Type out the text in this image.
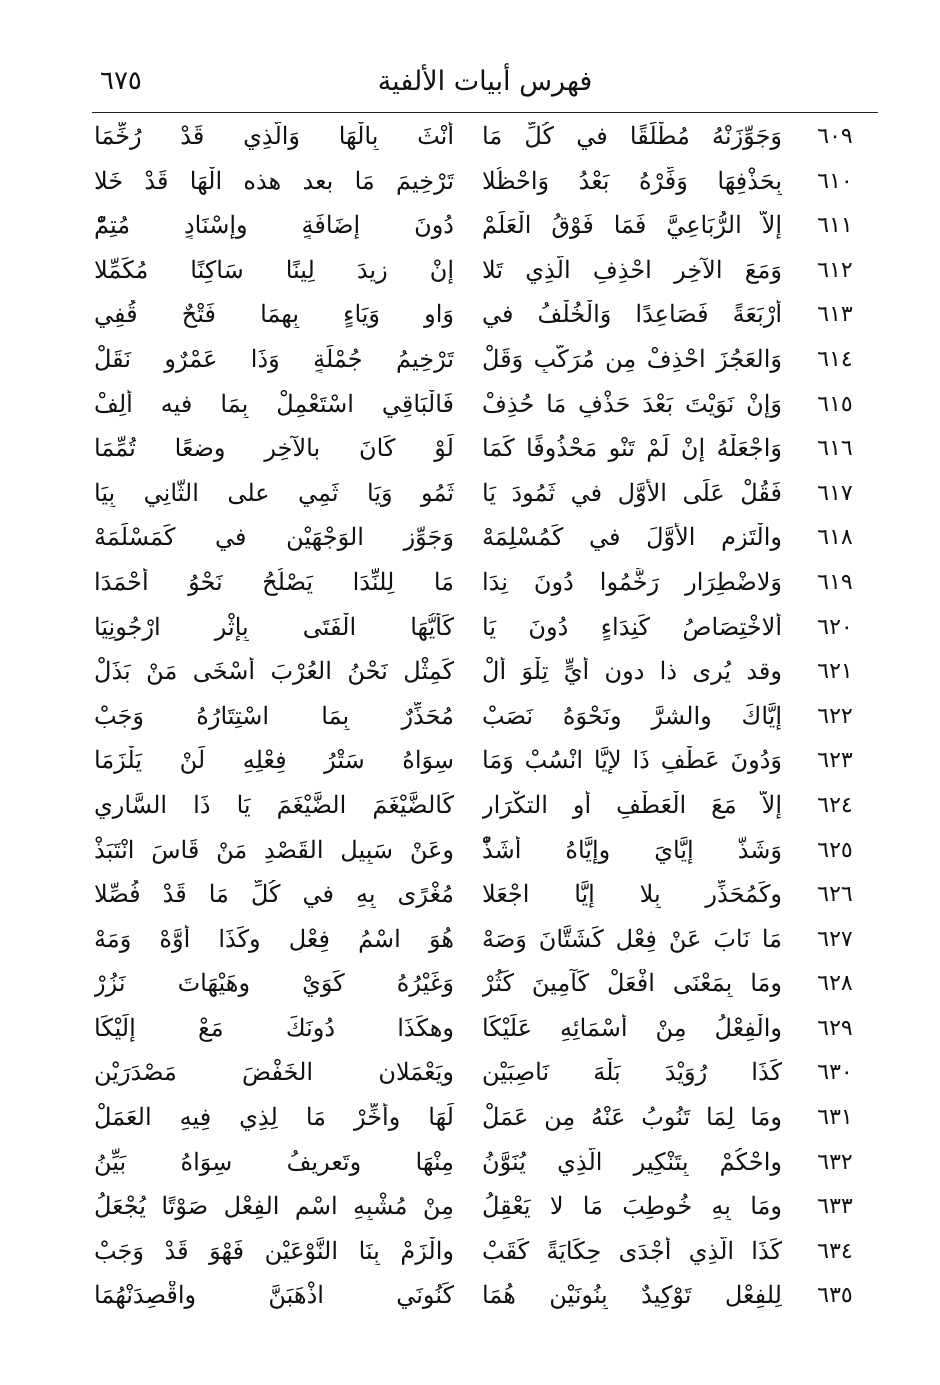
٦٧٥	فهرس أبيات الألفية
٦٠٩
وَجَوِّزَنْهُ مُطْلَقًا في كُلِّ مَا
أُنْثَ بِالْهَا وَالَّذِي قَدْ رُخِّمَا
٦١٠
بِحَذْفِهَا وَفِّرْهُ بَعْدُ وَاحْظُلا
تَرْخِيمَ مَا بعد هذه الْهَا قَدْ خَلا
٦١١
إلاَّ الرُّبَاعِيَّ فَمَا فَوْقُ الْعَلَمْ
دُونَ إضَافَةٍ وإسْنَادٍ مُتِمّْ
٦١٢
وَمَعَ الآخِرِ احْذِفِ الَّذِي تَلا
إنْ زِيدَ لِينًا سَاكِنًا مُكَمِّلا
٦١٣
أرْبَعَةً فَصَاعِدًا وَالْخُلْفُ في
وَاوٍ وَيَاءٍ بِهِمَا فَتْحٌ قُفِي
٦١٤
وَالعَجُزَ احْذِفْ مِن مُرَكَّبٍ وَقَلْ
تَرْخِيمُ جُمْلَةٍ وَذَا عَمْرٌو نَقَلْ
٦١٥
وَإنْ نَوَيْتَ بَعْدَ حَذْفٍ مَا حُذِفْ
فَالْبَاقِي اسْتَعْمِلْ بِمَا فيه أُلِفْ
٦١٦
وَاجْعَلْهُ إنْ لَمْ تَنْوِ مَحْذُوفًا كَمَا
لَوْ كَانَ بالآخِرِ وضعًا تُمِّمَا
٦١٧
فَقُلْ عَلَى الأوَّلِ في ثَمُودَ يَا
ثَمُو وَيَا ثَمِي على الثَّانِي بِيَا
٦١٨
والْتَزِمِ الأوَّلَ في كَمُسْلِمَهْ
وَجَوِّزِ الوَجْهَيْنِ في كَمَسْلَمَهْ
٦١٩
وَلاضْطِرَارٍ رَخَّمُوا دُونَ نِدَا
مَا لِلنِّدَا يَصْلُحُ نَحْوُ أحْمَدَا
٦٢٠
أَلاخْتِصَاصُ كَنِدَاءٍ دُونَ يَا
كَأَيُّهَا الْفَتَى بِإثْرِ ارْجُونِيَا
٦٢١
وقد يُرى ذا دون أيٍّ تِلْوَ أَلْ
كَمِثْلِ نَحْنُ العُرْبَ أسْخَى مَنْ بَذَلْ
٦٢٢
إيَّاكَ والشرَّ ونَحْوَهُ نَصَبْ
مُحَذِّرٌ بِمَا اسْتِتَارُهُ وَجَبْ
٦٢٣
وَدُونَ عَطْفٍ ذَا لإيَّا انْسُبْ وَمَا
سِوَاهُ سَتْرُ فِعْلِهِ لَنْ يَلْزَمَا
٦٢٤
إلاَّ مَعَ الْعَطْفِ أو التكْرَارِ
كَالضَّيْغَمَ الضَّيْغَمَ يَا ذَا السَّارِي
٦٢٥
وَشَذَّ إيَّايَ وإيَّاهُ أشَذّْ
وعَنْ سَبِيلِ القَصْدِ مَنْ قَاسَ انْتَبَذْ
٦٢٦
وكَمُحَذِّرٍ بِلا إيَّا اجْعَلا
مُغْرًى بِهِ في كُلِّ مَا قَدْ فُصِّلا
٦٢٧
مَا نَابَ عَنْ فِعْلٍ كَشَتَّانَ وَصَهْ
هُوَ اسْمُ فِعْلٍ وكَذَا أوَّهْ وَمَهْ
٦٢٨
ومَا بِمَعْنَى افْعَلْ كَآمِينَ كَثُرْ
وَغَيْرُهُ كَوَيْ وهَيْهَاتَ نَزُرْ
٦٢٩
والْفِعْلُ مِنْ أسْمَائِهِ عَلَيْكَا
وهكَذَا دُونَكَ مَعْ إلَيْكَا
٦٣٠
كَذَا رُوَيْدَ بَلْهَ نَاصِبَيْنِ
ويَعْمَلانِ الخَفْضَ مَصْدَرَيْنِ
٦٣١
ومَا لِمَا تَنُوبُ عَنْهُ مِن عَمَلْ
لَهَا وأخِّرْ مَا لِذِي فِيهِ العَمَلْ
٦٣٢
واحْكُمْ بِتَنْكِيرِ الَّذِي يُنَوَّنُ
مِنْهَا وتَعرِيفُ سِوَاهُ بَيِّنُ
٦٣٣
ومَا بِهِ خُوطِبَ مَا لا يَعْقِلُ
مِنْ مُشْبِهِ اسْمِ الفِعْلِ صَوْتًا يُجْعَلُ
٦٣٤
كَذَا الَّذِي أجْدَى حِكَايَةً كَقَبْ
والْزَمْ بِنَا النَّوْعَيْنِ فَهْوَ قَدْ وَجَبْ
٦٣٥
لِلفِعْلِ تَوْكِيدٌ بِنُونَيْنِ هُمَا
كَنُونَيِ اذْهَبَنَّ واقْصِدَنْهُمَا
